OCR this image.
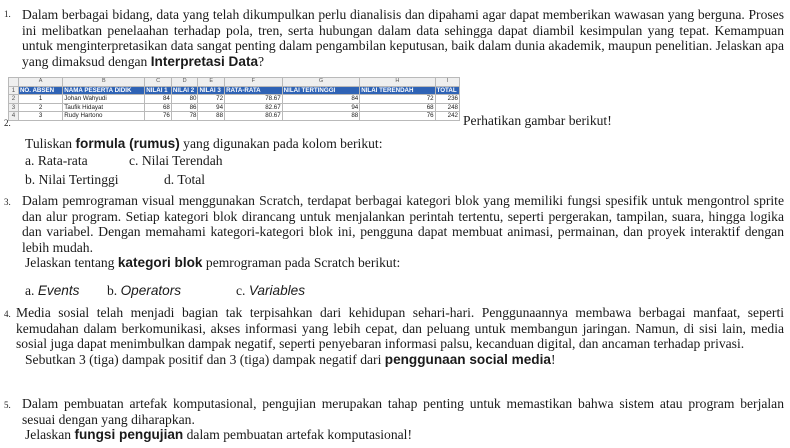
1. Dalam berbagai bidang, data yang telah dikumpulkan perlu dianalisis dan dipahami agar dapat memberikan wawasan yang berguna. Proses ini melibatkan penelaahan terhadap pola, tren, serta hubungan dalam data sehingga dapat diambil kesimpulan yang tepat. Kemampuan untuk menginterpretasikan data sangat penting dalam pengambilan keputusan, baik dalam dunia akademik, maupun penelitian. Jelaskan apa yang dimaksud dengan Interpretasi Data?
	A	B	C	D	E	F	G	H	I
1	NO. ABSEN	NAMA PESERTA DIDIK	NILAI 1	NILAI 2	NILAI 3	RATA-RATA	NILAI TERTINGGI	NILAI TERENDAH	TOTAL
2	1	Johan Wahyudi	84	80	72	78.67	84	72	236
3	2	Taufik Hidayat	68	86	94	82.67	94	68	248
4	3	Rudy Hartono	76	78	88	80.67	88	76	242
2.	Perhatikan gambar berikut!
Tuliskan formula (rumus) yang digunakan pada kolom berikut:
a. Rata-rata	c. Nilai Terendah
b. Nilai Tertinggi	d. Total
3. Dalam pemrograman visual menggunakan Scratch, terdapat berbagai kategori blok yang memiliki fungsi spesifik untuk mengontrol sprite dan alur program. Setiap kategori blok dirancang untuk menjalankan perintah tertentu, seperti pergerakan, tampilan, suara, hingga logika dan variabel. Dengan memahami kategori-kategori blok ini, pengguna dapat membuat animasi, permainan, dan proyek interaktif dengan lebih mudah.
Jelaskan tentang kategori blok pemrograman pada Scratch berikut:
a. Events b. Operators	c. Variables
4. Media sosial telah menjadi bagian tak terpisahkan dari kehidupan sehari-hari. Penggunaannya membawa berbagai manfaat, seperti kemudahan dalam berkomunikasi, akses informasi yang lebih cepat, dan peluang untuk membangun jaringan. Namun, di sisi lain, media sosial juga dapat menimbulkan dampak negatif, seperti penyebaran informasi palsu, kecanduan digital, dan ancaman terhadap privasi.
Sebutkan 3 (tiga) dampak positif dan 3 (tiga) dampak negatif dari penggunaan social media!
5. Dalam pembuatan artefak komputasional, pengujian merupakan tahap penting untuk memastikan bahwa sistem atau program berjalan sesuai dengan yang diharapkan.
Jelaskan fungsi pengujian dalam pembuatan artefak komputasional!
